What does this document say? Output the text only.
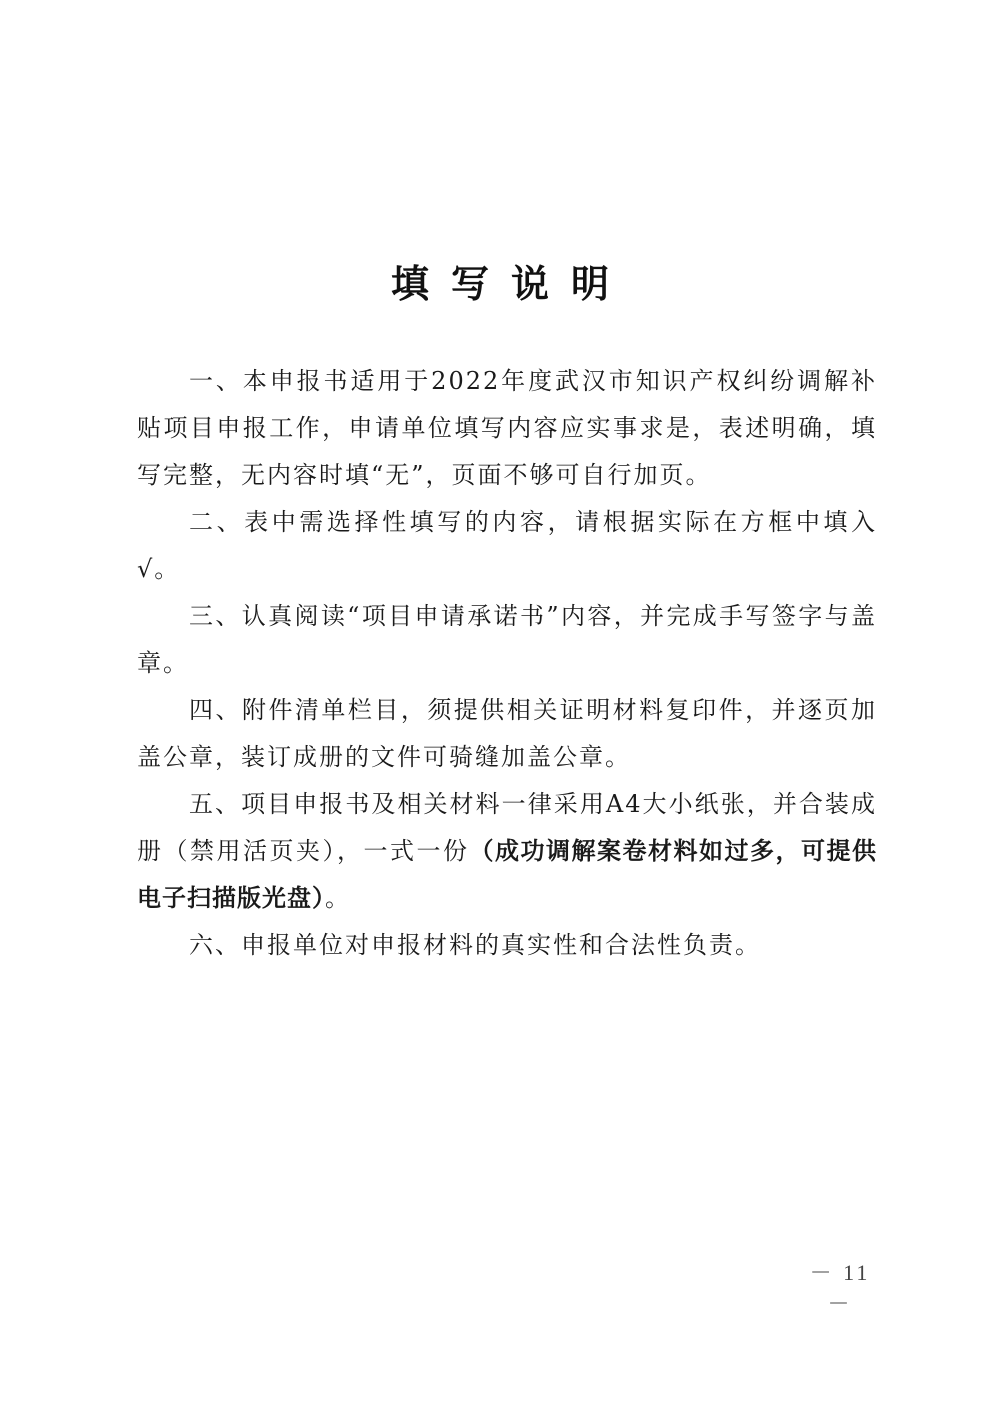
填写说明

一、本申报书适用于2022年度武汉市知识产权纠纷调解补贴项目申报工作，申请单位填写内容应实事求是，表述明确，填写完整，无内容时填“无”，页面不够可自行加页。

二、表中需选择性填写的内容，请根据实际在方框中填入√。

三、认真阅读“项目申请承诺书”内容，并完成手写签字与盖章。

四、附件清单栏目，须提供相关证明材料复印件，并逐页加盖公章，装订成册的文件可骑缝加盖公章。

五、项目申报书及相关材料一律采用A4大小纸张，并合装成册（禁用活页夹），一式一份（成功调解案卷材料如过多，可提供电子扫描版光盘）。

六、申报单位对申报材料的真实性和合法性负责。

－ 11 －
